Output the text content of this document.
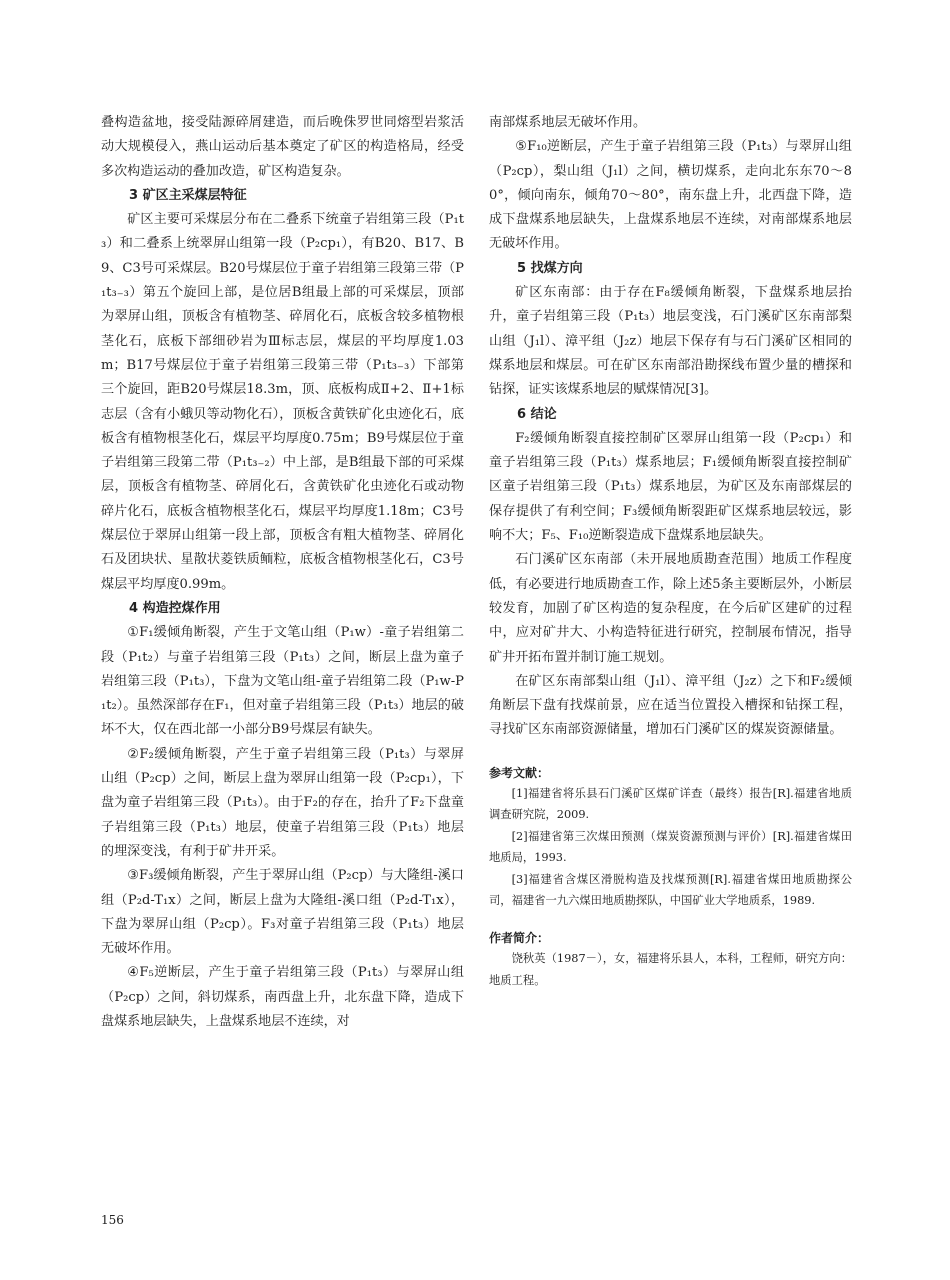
叠构造盆地，接受陆源碎屑建造，而后晚侏罗世同熔型岩浆活动大规模侵入，燕山运动后基本奠定了矿区的构造格局，经受多次构造运动的叠加改造，矿区构造复杂。

3 矿区主采煤层特征

矿区主要可采煤层分布在二叠系下统童子岩组第三段（P₁t₃）和二叠系上统翠屏山组第一段（P₂cp₁），有B20、B17、B9、C3号可采煤层。B20号煤层位于童子岩组第三段第三带（P₁t₃₋₃）第五个旋回上部，是位居B组最上部的可采煤层，顶部为翠屏山组，顶板含有植物茎、碎屑化石，底板含较多植物根茎化石，底板下部细砂岩为Ⅲ标志层，煤层的平均厚度1.03m；B17号煤层位于童子岩组第三段第三带（P₁t₃₋₃）下部第三个旋回，距B20号煤层18.3m，顶、底板构成Ⅱ+2、Ⅱ+1标志层（含有小蛾贝等动物化石），顶板含黄铁矿化虫迹化石，底板含有植物根茎化石，煤层平均厚度0.75m；B9号煤层位于童子岩组第三段第二带（P₁t₃₋₂）中上部，是B组最下部的可采煤层，顶板含有植物茎、碎屑化石，含黄铁矿化虫迹化石或动物碎片化石，底板含植物根茎化石，煤层平均厚度1.18m；C3号煤层位于翠屏山组第一段上部，顶板含有粗大植物茎、碎屑化石及团块状、星散状菱铁质鲕粒，底板含植物根茎化石，C3号煤层平均厚度0.99m。

4 构造控煤作用

①F₁缓倾角断裂，产生于文笔山组（P₁w）-童子岩组第二段（P₁t₂）与童子岩组第三段（P₁t₃）之间，断层上盘为童子岩组第三段（P₁t₃），下盘为文笔山组-童子岩组第二段（P₁w-P₁t₂）。虽然深部存在F₁，但对童子岩组第三段（P₁t₃）地层的破坏不大，仅在西北部一小部分B9号煤层有缺失。

②F₂缓倾角断裂，产生于童子岩组第三段（P₁t₃）与翠屏山组（P₂cp）之间，断层上盘为翠屏山组第一段（P₂cp₁），下盘为童子岩组第三段（P₁t₃）。由于F₂的存在，抬升了F₂下盘童子岩组第三段（P₁t₃）地层，使童子岩组第三段（P₁t₃）地层的埋深变浅，有利于矿井开采。

③F₃缓倾角断裂，产生于翠屏山组（P₂cp）与大隆组-溪口组（P₂d-T₁x）之间，断层上盘为大隆组-溪口组（P₂d-T₁x），下盘为翠屏山组（P₂cp）。F₃对童子岩组第三段（P₁t₃）地层无破坏作用。

④F₅逆断层，产生于童子岩组第三段（P₁t₃）与翠屏山组（P₂cp）之间，斜切煤系，南西盘上升，北东盘下降，造成下盘煤系地层缺失，上盘煤系地层不连续，对

南部煤系地层无破坏作用。

⑤F₁₀逆断层，产生于童子岩组第三段（P₁t₃）与翠屏山组（P₂cp），梨山组（J₁l）之间，横切煤系，走向北东东70～80°，倾向南东，倾角70～80°，南东盘上升，北西盘下降，造成下盘煤系地层缺失，上盘煤系地层不连续，对南部煤系地层无破坏作用。

5 找煤方向

矿区东南部：由于存在F₈缓倾角断裂，下盘煤系地层抬升，童子岩组第三段（P₁t₃）地层变浅，石门溪矿区东南部梨山组（J₁l）、漳平组（J₂z）地层下保存有与石门溪矿区相同的煤系地层和煤层。可在矿区东南部沿勘探线布置少量的槽探和钻探，证实该煤系地层的赋煤情况[3]。

6 结论

F₂缓倾角断裂直接控制矿区翠屏山组第一段（P₂cp₁）和童子岩组第三段（P₁t₃）煤系地层；F₁缓倾角断裂直接控制矿区童子岩组第三段（P₁t₃）煤系地层，为矿区及东南部煤层的保存提供了有利空间；F₃缓倾角断裂距矿区煤系地层较远，影响不大；F₅、F₁₀逆断裂造成下盘煤系地层缺失。

石门溪矿区东南部（未开展地质勘查范围）地质工作程度低，有必要进行地质勘查工作，除上述5条主要断层外，小断层较发育，加剧了矿区构造的复杂程度，在今后矿区建矿的过程中，应对矿井大、小构造特征进行研究，控制展布情况，指导矿井开拓布置并制订施工规划。

在矿区东南部梨山组（J₁l）、漳平组（J₂z）之下和F₂缓倾角断层下盘有找煤前景，应在适当位置投入槽探和钻探工程，寻找矿区东南部资源储量，增加石门溪矿区的煤炭资源储量。

参考文献：

[1]福建省将乐县石门溪矿区煤矿详查（最终）报告[R].福建省地质调查研究院，2009.

[2]福建省第三次煤田预测（煤炭资源预测与评价）[R].福建省煤田地质局，1993.

[3]福建省含煤区滑脱构造及找煤预测[R].福建省煤田地质勘探公司，福建省一九六煤田地质勘探队，中国矿业大学地质系，1989.

作者简介：

饶秋英（1987－），女，福建将乐县人，本科，工程师，研究方向：地质工程。

156
